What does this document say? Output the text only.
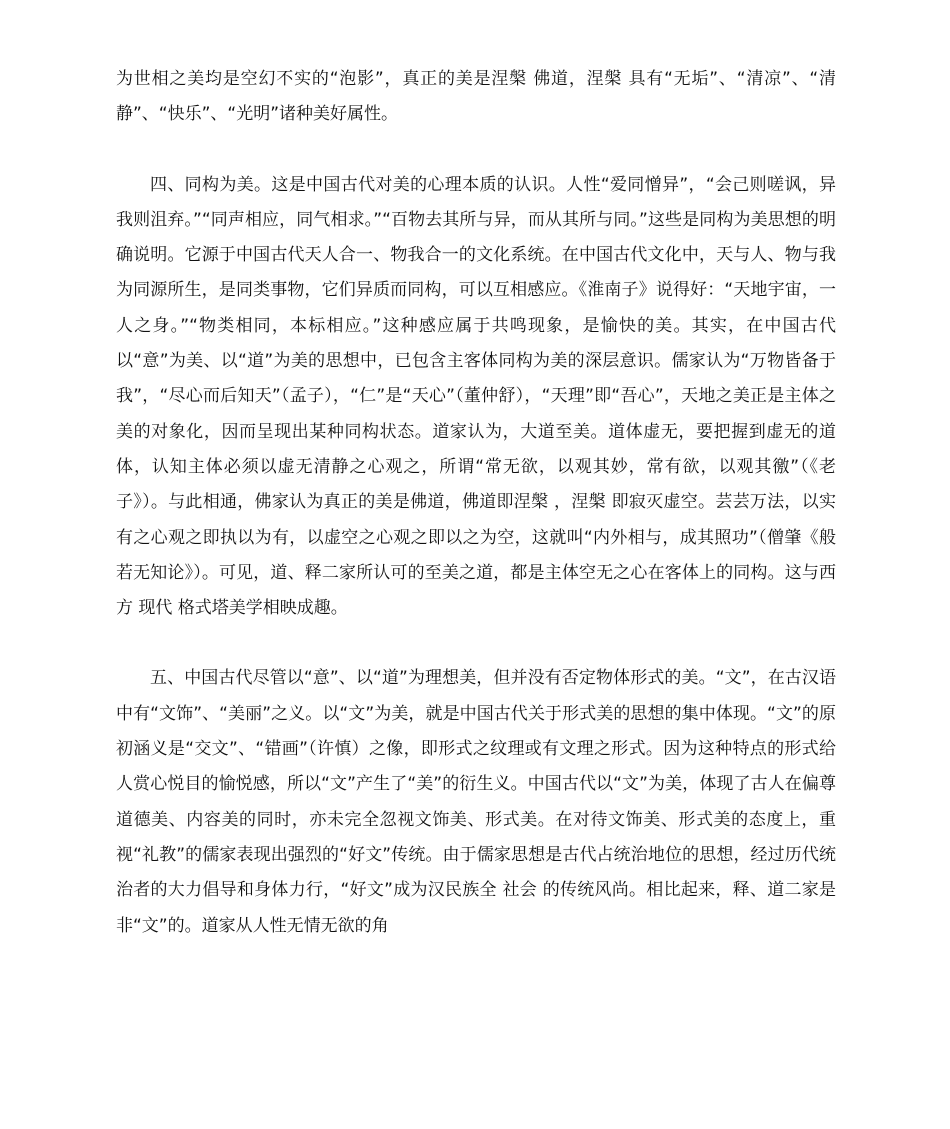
为世相之美均是空幻不实的“泡影”，真正的美是涅槃 佛道，涅槃 具有“无垢”、“清凉”、“清 静”、“快乐”、“光明”诸种美好属性。

四、同构为美。这是中国古代对美的心理本质的认识。人性“爱同憎异”，“会己则嗟讽，异我则沮弃。”“同声相应，同气相求。”“百物去其所与异，而从其所与同。”这些是同构为美思想的明确说明。它源于中国古代天人合一、物我合一的文化系统。在中国古代文化中，天与人、物与我为同源所生，是同类事物，它们异质而同构，可以互相感应。《淮南子》说得好：“天地宇宙，一人之身。”“物类相同，本标相应。”这种感应属于共鸣现象，是愉快的美。其实，在中国古代以“意”为美、以“道”为美的思想中，已包含主客体同构为美的深层意识。儒家认为“万物皆备于我”，“尽心而后知天”（孟子），“仁”是“天心”（董仲舒），“天理”即“吾心”，天地之美正是主体之美的对象化，因而呈现出某种同构状态。道家认为，大道至美。道体虚无，要把握到虚无的道体，认知主体必须以虚无清静之心观之，所谓“常无欲，以观其妙，常有欲，以观其徼”（《老子》）。与此相通，佛家认为真正的美是佛道，佛道即涅槃 ，涅槃 即寂灭虚空。芸芸万法，以实有之心观之即执以为有，以虚空之心观之即以之为空，这就叫“内外相与，成其照功”（僧肇《般若无知论》）。可见，道、释二家所认可的至美之道，都是主体空无之心在客体上的同构。这与西方 现代 格式塔美学相映成趣。

五、中国古代尽管以“意”、以“道”为理想美，但并没有否定物体形式的美。“文”，在古汉语中有“文饰”、“美丽”之义。以“文”为美，就是中国古代关于形式美的思想的集中体现。“文”的原初涵义是“交文”、“错画”（许慎）之像，即形式之纹理或有文理之形式。因为这种特点的形式给人赏心悦目的愉悦感，所以“文”产生了“美”的衍生义。中国古代以“文”为美，体现了古人在偏尊道德美、内容美的同时，亦未完全忽视文饰美、形式美。在对待文饰美、形式美的态度上，重视“礼教”的儒家表现出强烈的“好文”传统。由于儒家思想是古代占统治地位的思想，经过历代统治者的大力倡导和身体力行，“好文”成为汉民族全 社会 的传统风尚。相比起来，释、道二家是非“文”的。道家从人性无情无欲的角
